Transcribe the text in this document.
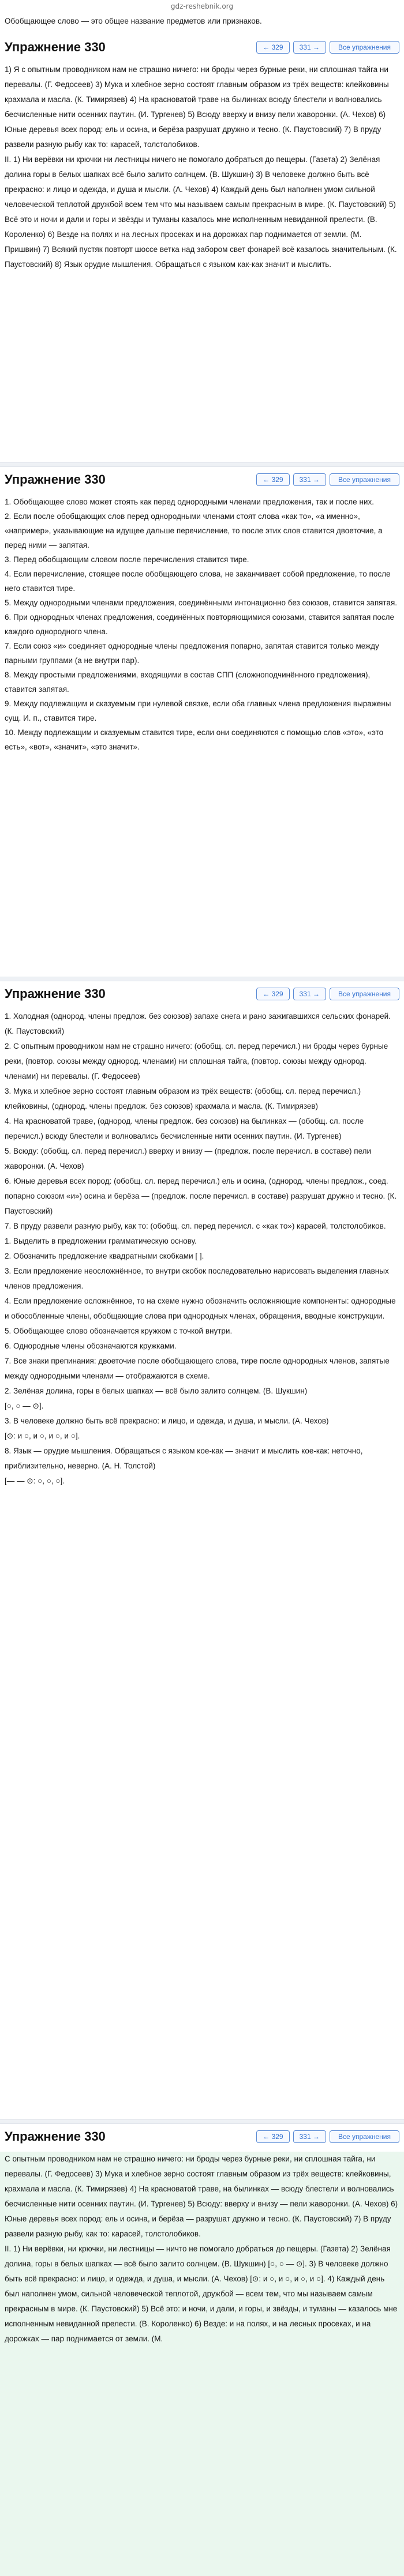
gdz-reshebnik.org

Обобщающее слово — это общее название предметов или признаков.

Упражнение 330	← 329	331 →	Все упражнения

1) Я с опытным проводником нам не страшно ничего: ни броды через бурные реки, ни сплошная тайга ни перевалы. (Г. Федосеев) 3) Мука и хлебное зерно состоят главным образом из трёх веществ: клейковины крахмала и масла. (К. Тимирязев) 4) На красноватой траве на былинках всюду блестели и волновались бесчисленные нити осенних паутин. (И. Тургенев) 5) Всюду вверху и внизу пели жаворонки. (А. Чехов) 6) Юные деревья всех пород: ель и осина, и берёза разрушат дружно и тесно. (К. Паустовский) 7) В пруду развели разную рыбу как то: карасей, толстолобиков.

II. 1) Ни верёвки ни крючки ни лестницы ничего не помогало добраться до пещеры. (Газета) 2) Зелёная долина горы в белых шапках всё было залито солнцем. (В. Шукшин) 3) В человеке должно быть всё прекрасно: и лицо и одежда, и душа и мысли. (А. Чехов) 4) Каждый день был наполнен умом сильной человеческой теплотой дружбой всем тем что мы называем самым прекрасным в мире. (К. Паустовский) 5) Всё это и ночи и дали и горы и звёзды и туманы казалось мне исполненным невиданной прелести. (В. Короленко) 6) Везде на полях и на лесных просеках и на дорожках пар поднимается от земли. (М. Пришвин) 7) Всякий пустяк повторт шоссе ветка над забором свет фонарей всё казалось значительным. (К. Паустовский) 8) Язык орудие мышления. Обращаться с языком как-как значит и мыслить.

Упражнение 330	← 329	331 →	Все упражнения

1. Обобщающее слово может стоять как перед однородными членами предложения, так и после них.

2. Если после обобщающих слов перед однородными членами стоят слова «как то», «а именно», «например», указывающие на идущее дальше перечисление, то после этих слов ставится двоеточие, а перед ними — запятая.

3. Перед обобщающим словом после перечисления ставится тире.

4. Если перечисление, стоящее после обобщающего слова, не заканчивает собой предложение, то после него ставится тире.

5. Между однородными членами предложения, соединёнными интонационно без союзов, ставится запятая.

6. При однородных членах предложения, соединённых повторяющимися союзами, ставится запятая после каждого однородного члена.

7. Если союз «и» соединяет однородные члены предложения попарно, запятая ставится только между парными группами (а не внутри пар).

8. Между простыми предложениями, входящими в состав СПП (сложноподчинённого предложения), ставится запятая.

9. Между подлежащим и сказуемым при нулевой связке, если оба главных члена предложения выражены сущ. И. п., ставится тире.

10. Между подлежащим и сказуемым ставится тире, если они соединяются с помощью слов «это», «это есть», «вот», «значит», «это значит».

Упражнение 330	← 329	331 →	Все упражнения

1. Холодная (однород. члены предлож. без союзов) запахе снега и рано зажигавшихся сельских фонарей. (К. Паустовский)

2. С опытным проводником нам не страшно ничего: (обобщ. сл. перед перечисл.) ни броды через бурные реки, (повтор. союзы между однород. членами) ни сплошная тайга, (повтор. союзы между однород. членами) ни перевалы. (Г. Федосеев)

3. Мука и хлебное зерно состоят главным образом из трёх веществ: (обобщ. сл. перед перечисл.) клейковины, (однород. члены предлож. без союзов) крахмала и масла. (К. Тимирязев)

4. На красноватой траве, (однород. члены предлож. без союзов) на былинках — (обобщ. сл. после перечисл.) всюду блестели и волновались бесчисленные нити осенних паутин. (И. Тургенев)

5. Всюду: (обобщ. сл. перед перечисл.) вверху и внизу — (предлож. после перечисл. в составе) пели жаворонки. (А. Чехов)

6. Юные деревья всех пород: (обобщ. сл. перед перечисл.) ель и осина, (однород. члены предлож., соед. попарно союзом «и») осина и берёза — (предлож. после перечисл. в составе) разрушат дружно и тесно. (К. Паустовский)

7. В пруду развели разную рыбу, как то: (обобщ. сл. перед перечисл. с «как то») карасей, толстолобиков.

1. Выделить в предложении грамматическую основу.

2. Обозначить предложение квадратными скобками [ ].

3. Если предложение неосложнённое, то внутри скобок последовательно нарисовать выделения главных членов предложения.

4. Если предложение осложнённое, то на схеме нужно обозначить осложняющие компоненты: однородные и обособленные члены, обобщающие слова при однородных членах, обращения, вводные конструкции.

5. Обобщающее слово обозначается кружком с точкой внутри.

6. Однородные члены обозначаются кружками.

7. Все знаки препинания: двоеточие после обобщающего слова, тире после однородных членов, запятые между однородными членами — отображаются в схеме.

2. Зелёная долина, горы в белых шапках — всё было залито солнцем. (В. Шукшин)

[○, ○ — ⊙].

3. В человеке должно быть всё прекрасно: и лицо, и одежда, и душа, и мысли. (А. Чехов)

[⊙: и ○, и ○, и ○, и ○].

8. Язык — орудие мышления. Обращаться с языком кое-как — значит и мыслить кое-как: неточно, приблизительно, неверно. (А. Н. Толстой)

[— — ⊙: ○, ○, ○].

Упражнение 330	← 329	331 →	Все упражнения

С опытным проводником нам не страшно ничего: ни броды через бурные реки, ни сплошная тайга, ни перевалы. (Г. Федосеев) 3) Мука и хлебное зерно состоят главным образом из трёх веществ: клейковины, крахмала и масла. (К. Тимирязев) 4) На красноватой траве, на былинках — всюду блестели и волновались бесчисленные нити осенних паутин. (И. Тургенев) 5) Всюду: вверху и внизу — пели жаворонки. (А. Чехов) 6) Юные деревья всех пород: ель и осина, и берёза — разрушат дружно и тесно. (К. Паустовский) 7) В пруду развели разную рыбу, как то: карасей, толстолобиков.

II. 1) Ни верёвки, ни крючки, ни лестницы — ничто не помогало добраться до пещеры. (Газета) 2) Зелёная долина, горы в белых шапках — всё было залито солнцем. (В. Шукшин) [○, ○ — ⊙]. 3) В человеке должно быть всё прекрасно: и лицо, и одежда, и душа, и мысли. (А. Чехов) [⊙: и ○, и ○, и ○, и ○]. 4) Каждый день был наполнен умом, сильной человеческой теплотой, дружбой — всем тем, что мы называем самым прекрасным в мире. (К. Паустовский) 5) Всё это: и ночи, и дали, и горы, и звёзды, и туманы — казалось мне исполненным невиданной прелести. (В. Короленко) 6) Везде: и на полях, и на лесных просеках, и на дорожках — пар поднимается от земли. (М.
